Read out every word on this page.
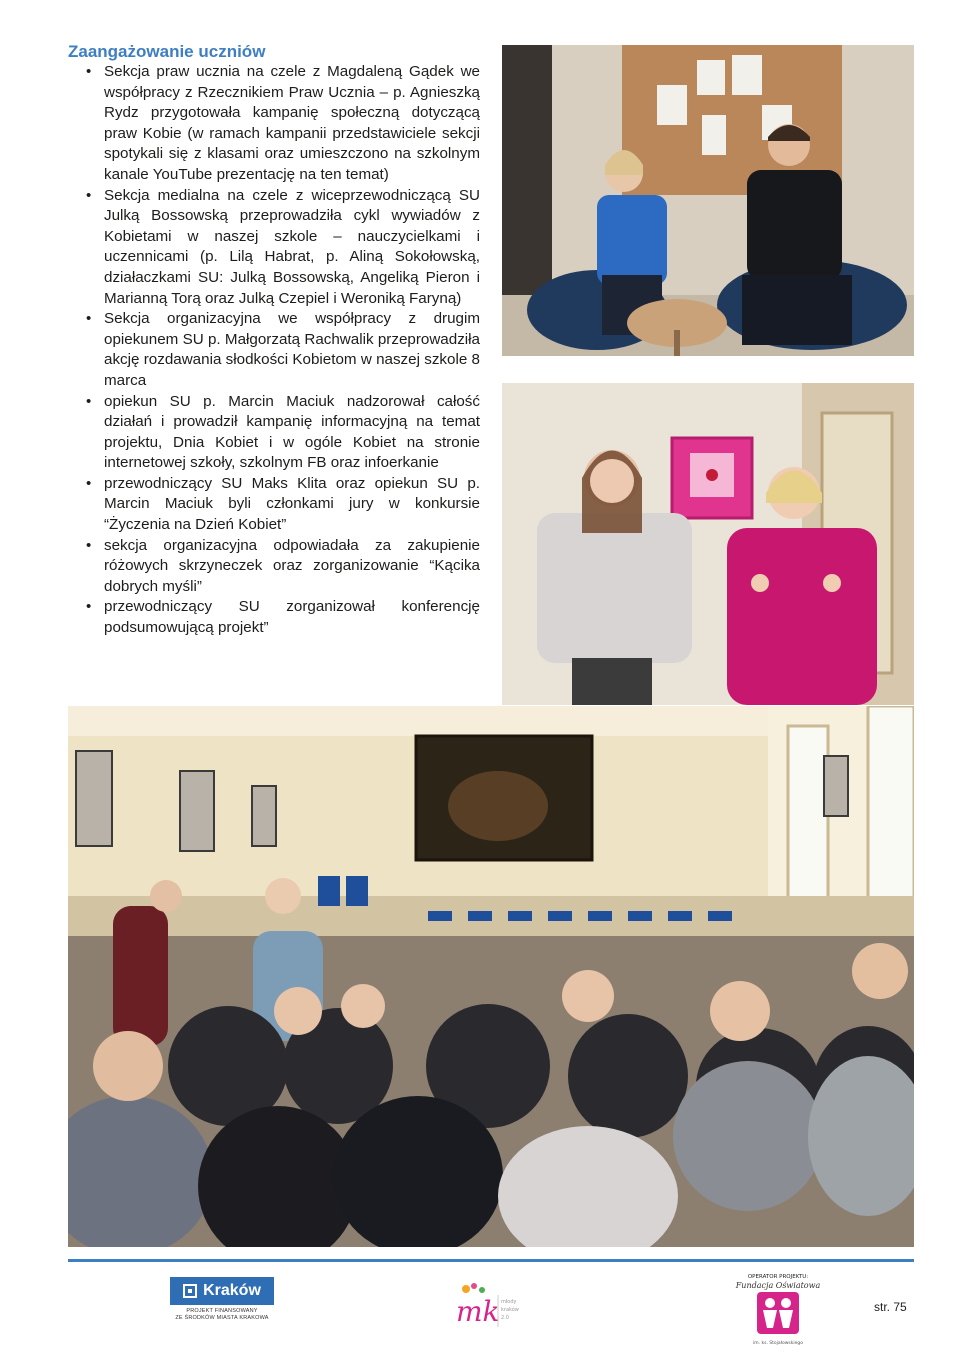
Zaangażowanie uczniów
• Sekcja praw ucznia na czele z Magdaleną Gądek we współpracy z Rzecznikiem Praw Ucznia – p. Agnieszką Rydz przygotowała kampanię społeczną dotyczącą praw Kobie (w ramach kampanii przedstawiciele sekcji spotykali się z klasami oraz umieszczono na szkolnym kanale YouTube prezentację na ten temat)
• Sekcja medialna na czele z wiceprzewodniczącą SU Julką Bossowską przeprowadziła cykl wywiadów z Kobietami w naszej szkole – nauczycielkami i uczennicami (p. Lilą Habrat, p. Aliną Sokołowską, działaczkami SU: Julką Bossowską, Angeliką Pieron i Marianną Torą oraz Julką Czepiel i Weroniką Faryną)
• Sekcja organizacyjna we współpracy z drugim opiekunem SU p. Małgorzatą Rachwalik przeprowadziła akcję rozdawania słodkości Kobietom w naszej szkole 8 marca
• opiekun SU p. Marcin Maciuk nadzorował całość działań i prowadził kampanię informacyjną na temat projektu, Dnia Kobiet i w ogóle Kobiet na stronie internetowej szkoły, szkolnym FB oraz infoerkanie
• przewodniczący SU Maks Klita oraz opiekun SU p. Marcin Maciuk byli członkami jury w konkursie “Życzenia na Dzień Kobiet”
• sekcja organizacyjna odpowiadała za zakupienie różowych skrzyneczek oraz zorganizowanie “Kącika dobrych myśli”
• przewodniczący SU zorganizował konferencję podsumowującą projekt”
Kraków
PROJEKT FINANSOWANY
ZE ŚRODKÓW MIASTA KRAKOWA	mk młody
kraków
2.0
OPERATOR PROJEKTU:
Fundacja Oświatowa
im. ks. Stojałowskiego
str. 75
